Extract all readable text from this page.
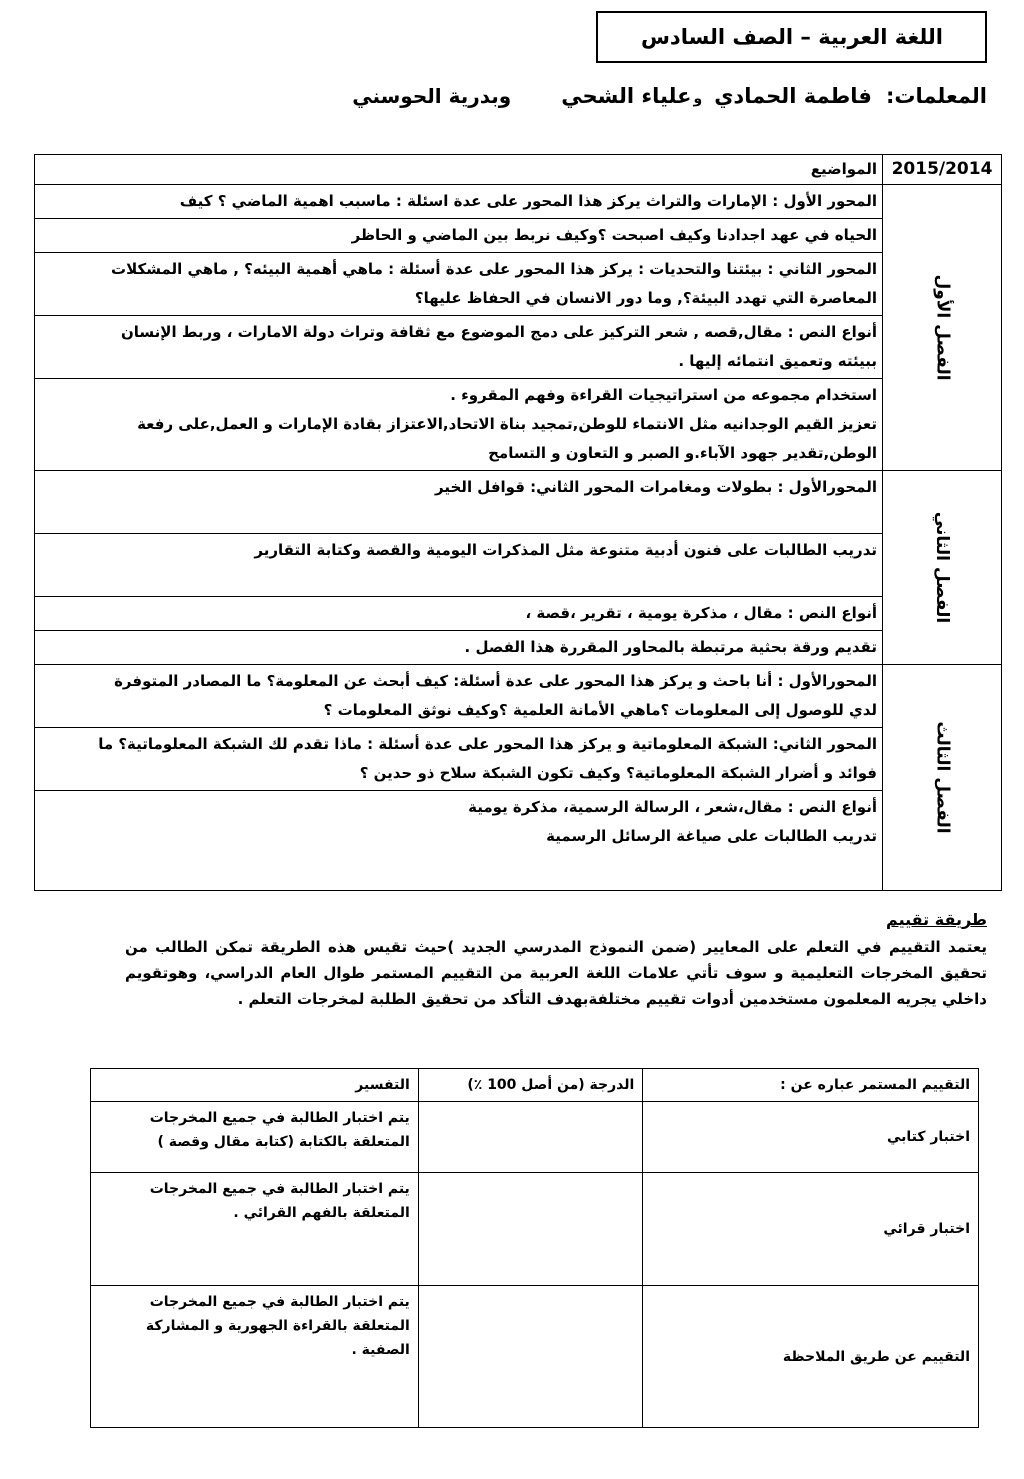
اللغة العربية – الصف السادس
المعلمات:
فاطمة الحمادي
و
علياء الشحي
وبدرية الحوسني
2015/2014	المواضيع
الفصل الأول	المحور الأول : الإمارات والتراث يركز هذا المحور على عدة اسئلة : ماسبب اهمية الماضي ؟ كيف

	الحياه في عهد اجدادنا وكيف اصبحت ؟وكيف نربط بين الماضي و الحاظر

	المحور الثاني : بيئتنا والتحديات : يركز هذا المحور على عدة أسئلة : ماهي أهمية البيئه؟ , ماهي المشكلات
المعاصرة التي تهدد البيئة؟, وما دور الانسان في الحفاظ عليها؟

	أنواع النص : مقال,قصه , شعر التركيز على دمج الموضوع مع ثقافة وتراث دولة الامارات ، وربط الإنسان
ببيئته وتعميق انتمائه إليها .

	استخدام مجموعه من استراتيجيات القراءة وفهم المقروء .
تعزيز القيم الوجدانيه مثل الانتماء للوطن,تمجيد بناة الاتحاد,الاعتزاز بقادة الإمارات و العمل,على رفعة
الوطن,تقدير جهود الآباء.و الصبر و التعاون و التسامح

الفصل الثاني	المحورالأول : بطولات ومغامرات المحور الثاني: قوافل الخير

	تدريب الطالبات على فنون أدبية متنوعة مثل المذكرات اليومية والقصة وكتابة التقارير

	أنواع النص : مقال ، مذكرة يومية ، تقرير ،قصة ،

	تقديم ورقة بحثية مرتبطة بالمحاور المقررة هذا الفصل .

الفصل الثالث	المحورالأول : أنا باحث و يركز هذا المحور على عدة أسئلة: كيف أبحث عن المعلومة؟ ما المصادر المتوفرة
لدي للوصول إلى المعلومات ؟ماهي الأمانة العلمية ؟وكيف نوثق المعلومات ؟

	المحور الثاني: الشبكة المعلوماتية و يركز هذا المحور على عدة أسئلة : ماذا تقدم لك الشبكة المعلوماتية؟ ما
فوائد و أضرار الشبكة المعلوماتية؟ وكيف تكون الشبكة سلاح ذو حدين ؟

	أنواع النص : مقال،شعر ، الرسالة الرسمية، مذكرة يومية
تدريب الطالبات على صياغة الرسائل الرسمية

طريقة تقييم
يعتمد التقييم في التعلم على المعايير (ضمن النموذج المدرسي الجديد )حيث تقيس هذه الطريقة تمكن الطالب من تحقيق المخرجات التعليمية و سوف تأتي علامات اللغة العربية من التقييم المستمر طوال العام الدراسي، وهوتقويم داخلي يجريه المعلمون مستخدمين أدوات تقييم مختلفةبهدف التأكد من تحقيق الطلبة لمخرجات التعلم .
التقييم المستمر عباره عن :	الدرجة (من أصل 100 ٪)	التفسير
اختبار كتابي		يتم اختبار الطالبة في جميع المخرجات المتعلقة بالكتابة (كتابة مقال وقصة )
اختبار قرائي		يتم اختبار الطالبة في جميع المخرجات المتعلقة بالفهم القرائي .
التقييم عن طريق الملاحظة		يتم اختبار الطالبة في جميع المخرجات المتعلقة بالقراءة الجهورية و المشاركة الصفية .
